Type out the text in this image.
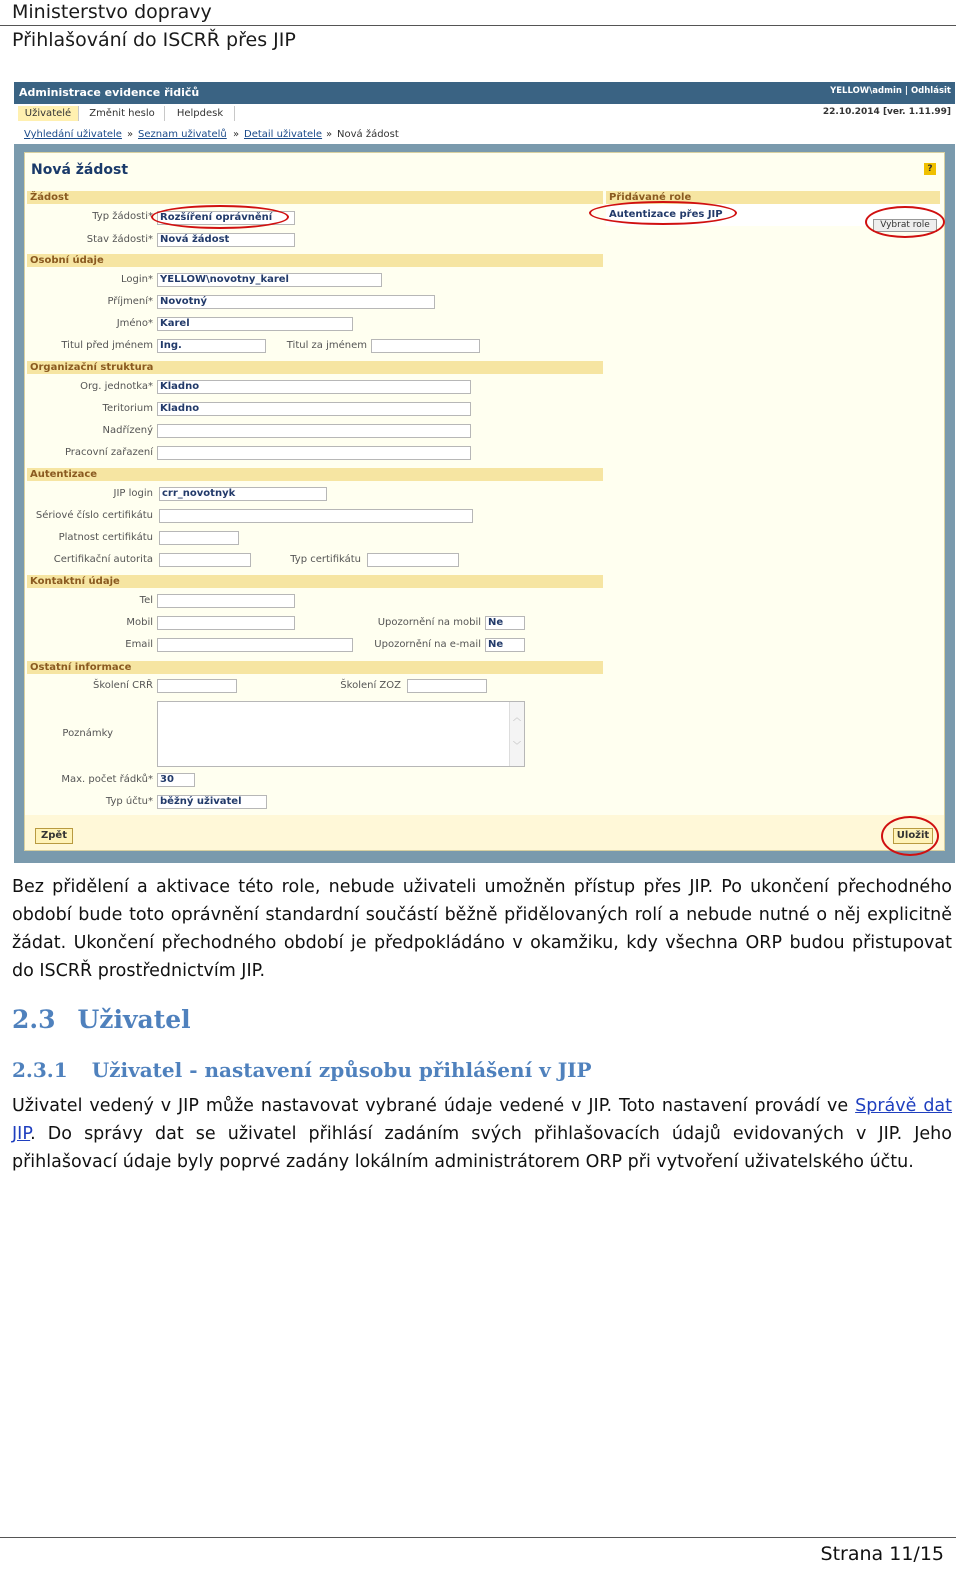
Ministerstvo dopravy
Přihlašování do ISCRŘ přes JIP
Administrace evidence řidičů	YELLOW\admin | Odhlásit
Uživatelé	Změnit heslo	Helpdesk	22.10.2014 [ver. 1.11.99]
Vyhledání uživatele » Seznam uživatelů » Detail uživatele » Nová žádost
Nová žádost	?
Žádost
Typ žádosti* Rozšíření oprávnění
Stav žádosti* Nová žádost
Přidávané role
Autentizace přes JIP
Vybrat role
Osobní údaje
Login* YELLOW\novotny_karel
Příjmení* Novotný
Jméno* Karel
Titul před jménem Ing.	Titul za jménem
Organizační struktura
Org. jednotka* Kladno
Teritorium Kladno
Nadřízený
Pracovní zařazení
Autentizace
JIP login crr_novotnyk
Sériové číslo certifikátu
Platnost certifikátu
Certifikační autorita	Typ certifikátu
Kontaktní údaje
Tel
Mobil	Upozornění na mobil Ne
Email	Upozornění na e-mail Ne
Ostatní informace
Školení CRŘ	Školení ZOZ
Poznámky
︿
﹀
Max. počet řádků* 30
Typ účtu* běžný uživatel
Zpět	Uložit
Bez přidělení a aktivace této role, nebude uživateli umožněn přístup přes JIP. Po ukončení přechodného období bude toto oprávnění standardní součástí běžně přidělovaných rolí a nebude nutné o něj explicitně žádat. Ukončení přechodného období je předpokládáno v okamžiku, kdy všechna ORP budou přistupovat do ISCRŘ prostřednictvím JIP.
2.3 Uživatel
2.3.1 Uživatel - nastavení způsobu přihlášení v JIP
Uživatel vedený v JIP může nastavovat vybrané údaje vedené v JIP. Toto nastavení provádí ve Správě dat JIP. Do správy dat se uživatel přihlásí zadáním svých přihlašovacích údajů evidovaných v JIP. Jeho přihlašovací údaje byly poprvé zadány lokálním administrátorem ORP při vytvoření uživatelského účtu.
Strana 11/15
